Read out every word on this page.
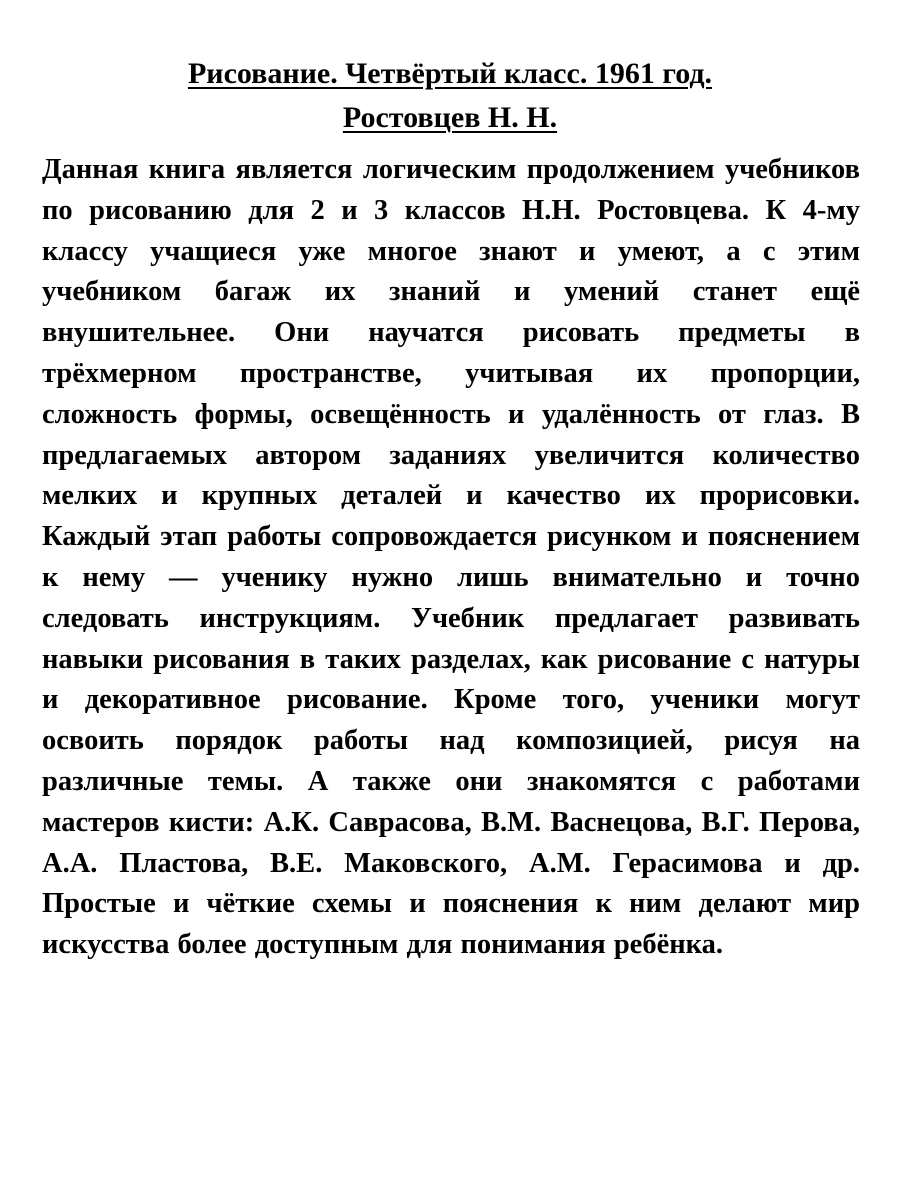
Рисование. Четвёртый класс. 1961 год.
Ростовцев Н. Н.

Данная книга является логическим продолжением учебников по рисованию для 2 и 3 классов Н.Н. Ростовцева. К 4-му классу учащиеся уже многое знают и умеют, а с этим учебником багаж их знаний и умений станет ещё внушительнее. Они научатся рисовать предметы в трёхмерном пространстве, учитывая их пропорции, сложность формы, освещённость и удалённость от глаз. В предлагаемых автором заданиях увеличится количество мелких и крупных деталей и качество их прорисовки. Каждый этап работы сопровождается рисунком и пояснением к нему — ученику нужно лишь внимательно и точно следовать инструкциям. Учебник предлагает развивать навыки рисования в таких разделах, как рисование с натуры и декоративное рисование. Кроме того, ученики могут освоить порядок работы над композицией, рисуя на различные темы. А также они знакомятся с работами мастеров кисти: А.К. Саврасова, В.М. Васнецова, В.Г. Перова, А.А. Пластова, В.Е. Маковского, А.М. Герасимова и др. Простые и чёткие схемы и пояснения к ним делают мир искусства более доступным для понимания ребёнка.
